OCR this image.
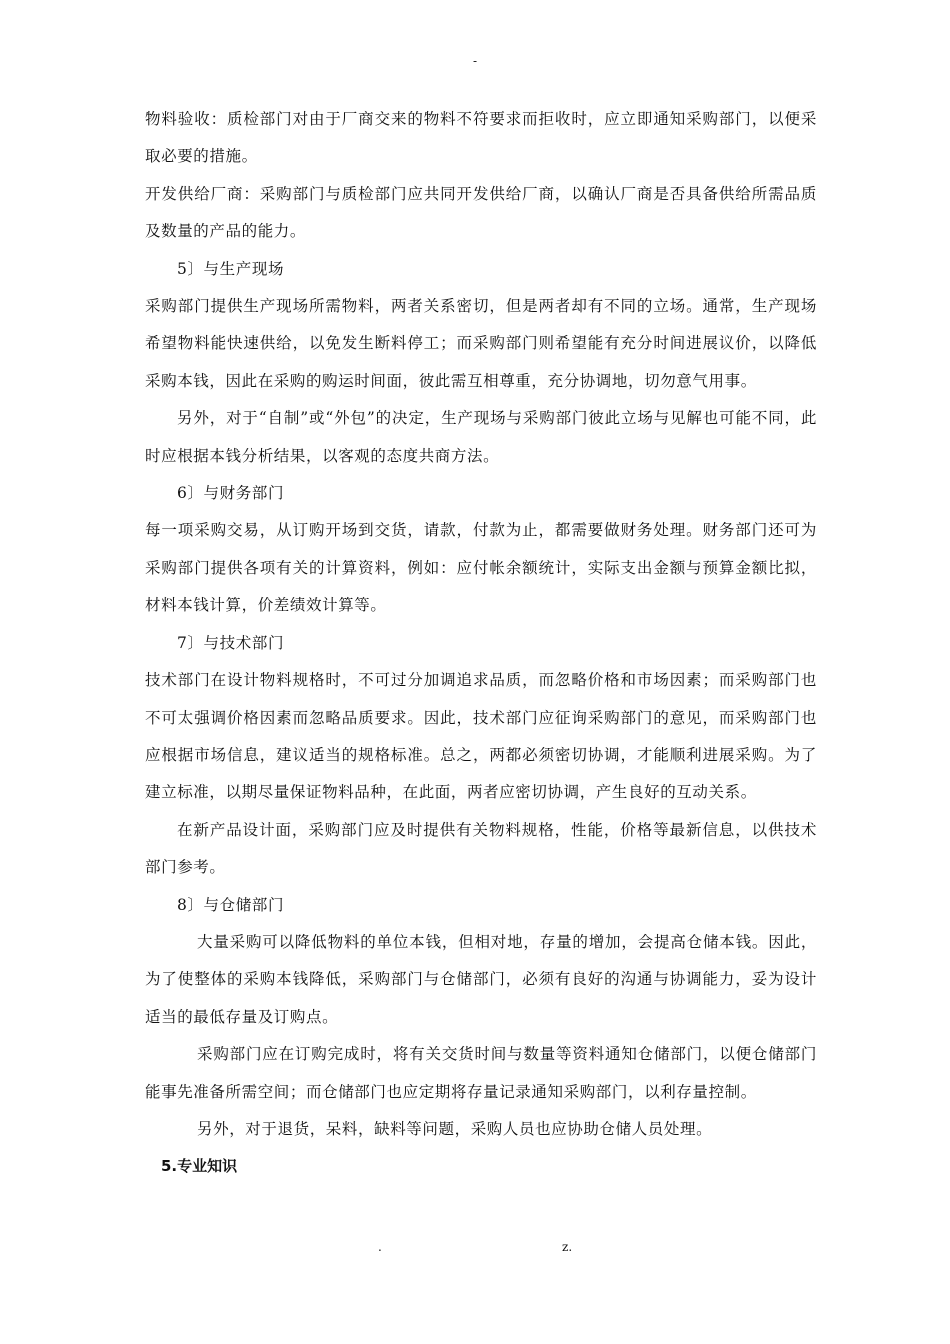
-

物料验收：质检部门对由于厂商交来的物料不符要求而拒收时，应立即通知采购部门，以便采取必要的措施。

开发供给厂商：采购部门与质检部门应共同开发供给厂商，以确认厂商是否具备供给所需品质及数量的产品的能力。

5〕与生产现场

采购部门提供生产现场所需物料，两者关系密切，但是两者却有不同的立场。通常，生产现场希望物料能快速供给，以免发生断料停工；而采购部门则希望能有充分时间进展议价，以降低采购本钱，因此在采购的购运时间面，彼此需互相尊重，充分协调地，切勿意气用事。

另外，对于“自制”或“外包”的决定，生产现场与采购部门彼此立场与见解也可能不同，此时应根据本钱分析结果，以客观的态度共商方法。

6〕与财务部门

每一项采购交易，从订购开场到交货，请款，付款为止，都需要做财务处理。财务部门还可为采购部门提供各项有关的计算资料，例如：应付帐余额统计，实际支出金额与预算金额比拟，材料本钱计算，价差绩效计算等。

7〕与技术部门

技术部门在设计物料规格时，不可过分加调追求品质，而忽略价格和市场因素；而采购部门也不可太强调价格因素而忽略品质要求。因此，技术部门应征询采购部门的意见，而采购部门也应根据市场信息，建议适当的规格标准。总之，两都必须密切协调，才能顺利进展采购。为了建立标准，以期尽量保证物料品种，在此面，两者应密切协调，产生良好的互动关系。

在新产品设计面，采购部门应及时提供有关物料规格，性能，价格等最新信息，以供技术部门参考。

8〕与仓储部门

大量采购可以降低物料的单位本钱，但相对地，存量的增加，会提高仓储本钱。因此，为了使整体的采购本钱降低，采购部门与仓储部门，必须有良好的沟通与协调能力，妥为设计适当的最低存量及订购点。

采购部门应在订购完成时，将有关交货时间与数量等资料通知仓储部门，以便仓储部门能事先准备所需空间；而仓储部门也应定期将存量记录通知采购部门，以利存量控制。

另外，对于退货，呆料，缺料等问题，采购人员也应协助仓储人员处理。

5.专业知识

.	z.
